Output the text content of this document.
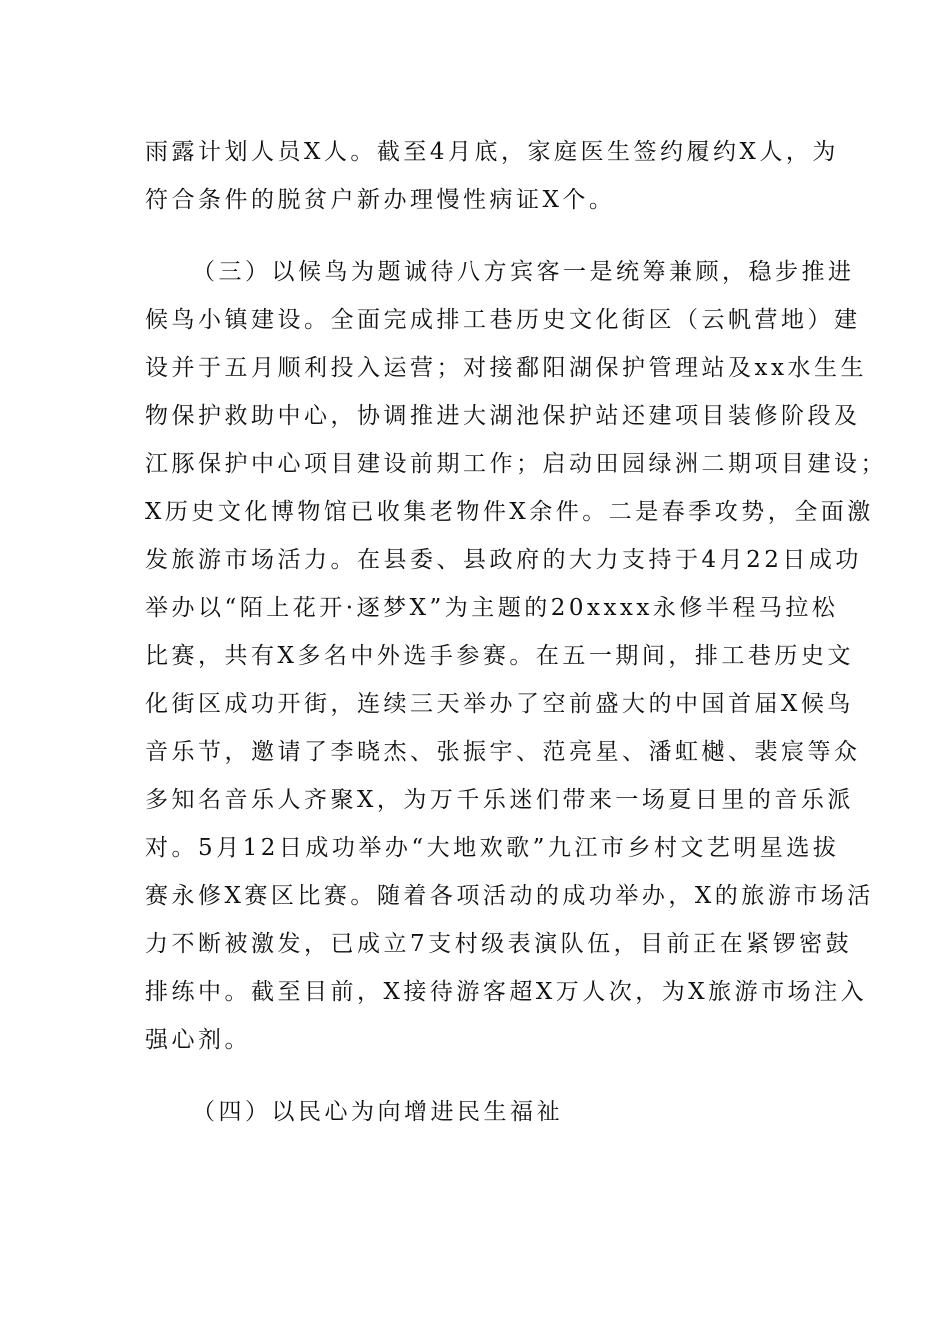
雨露计划人员X人。截至4月底，家庭医生签约履约X人，为
符合条件的脱贫户新办理慢性病证X个。
（三）以候鸟为题诚待八方宾客一是统筹兼顾，稳步推进
候鸟小镇建设。全面完成排工巷历史文化街区（云帆营地）建
设并于五月顺利投入运营；对接鄱阳湖保护管理站及xx水生生
物保护救助中心，协调推进大湖池保护站还建项目装修阶段及
江豚保护中心项目建设前期工作；启动田园绿洲二期项目建设；
X历史文化博物馆已收集老物件X余件。二是春季攻势，全面激
发旅游市场活力。在县委、县政府的大力支持于4月22日成功
举办以“陌上花开·逐梦X”为主题的20xxxx永修半程马拉松
比赛，共有X多名中外选手参赛。在五一期间，排工巷历史文
化街区成功开街，连续三天举办了空前盛大的中国首届X候鸟
音乐节，邀请了李晓杰、张振宇、范亮星、潘虹樾、裴宸等众
多知名音乐人齐聚X，为万千乐迷们带来一场夏日里的音乐派
对。5月12日成功举办“大地欢歌”九江市乡村文艺明星选拔
赛永修X赛区比赛。随着各项活动的成功举办，X的旅游市场活
力不断被激发，已成立7支村级表演队伍，目前正在紧锣密鼓
排练中。截至目前，X接待游客超X万人次，为X旅游市场注入
强心剂。
（四）以民心为向增进民生福祉
